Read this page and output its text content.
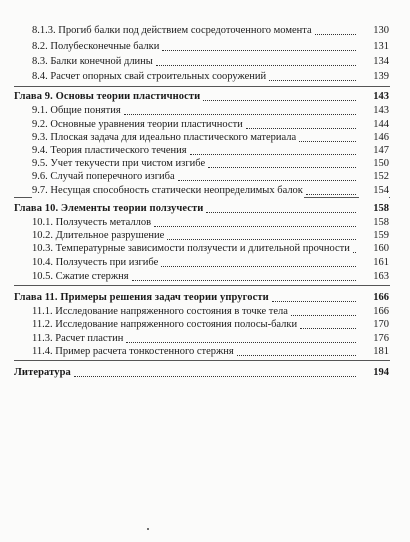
8.1.3. Прогиб балки под действием сосредоточенного момента	130
8.2. Полубесконечные балки	131
8.3. Балки конечной длины	134
8.4. Расчет опорных свай строительных сооружений	139
Глава 9. Основы теории пластичности	143
9.1. Общие понятия	143
9.2. Основные уравнения теории пластичности	144
9.3. Плоская задача для идеально пластического материала	146
9.4. Теория пластического течения	147
9.5. Учет текучести при чистом изгибе	150
9.6. Случай поперечного изгиба	152
9.7. Несущая способность статически неопределимых балок	154
Глава 10. Элементы теории ползучести	158
10.1. Ползучесть металлов	158
10.2. Длительное разрушение	159
10.3. Температурные зависимости ползучести и длительной прочности	160
10.4. Ползучесть при изгибе	161
10.5. Сжатие стержня	163
Глава 11. Примеры решения задач теории упругости	166
11.1. Исследование напряженного состояния в точке тела	166
11.2. Исследование напряженного состояния полосы-балки	170
11.3. Расчет пластин	176
11.4. Пример расчета тонкостенного стержня	181
Литература	194
